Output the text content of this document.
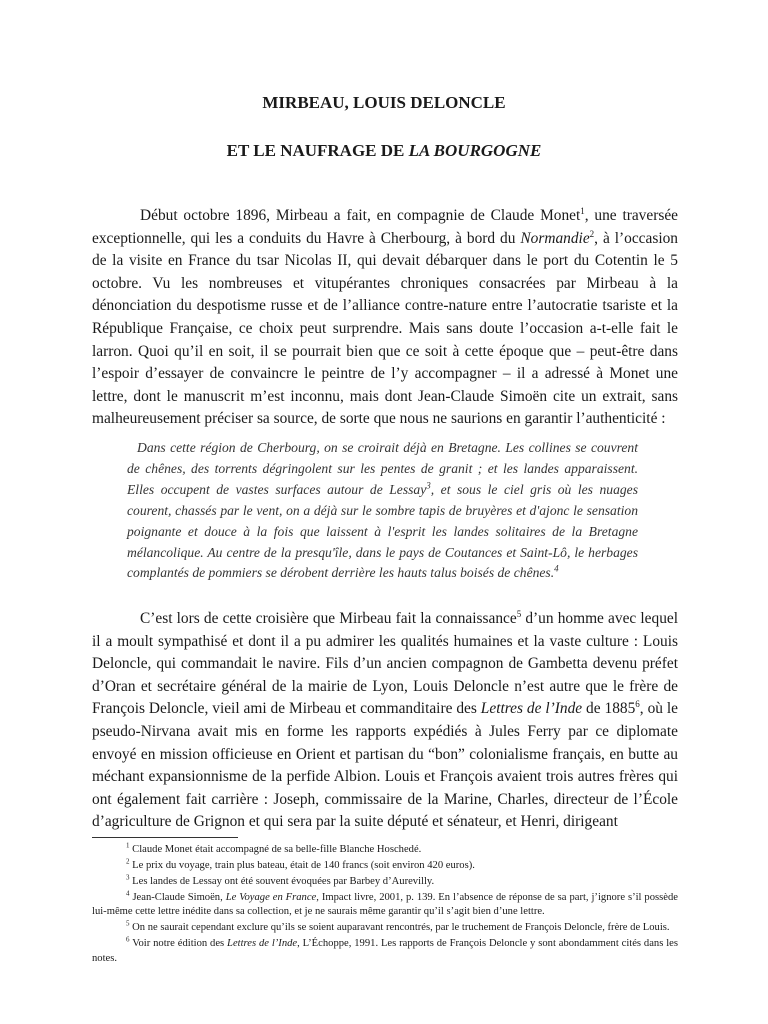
MIRBEAU, LOUIS DELONCLE
ET LE NAUFRAGE DE LA BOURGOGNE

Début octobre 1896, Mirbeau a fait, en compagnie de Claude Monet$^1$, une traversée exceptionnelle, qui les a conduits du Havre à Cherbourg, à bord du Normandie$^2$, à l’occasion de la visite en France du tsar Nicolas II, qui devait débarquer dans le port du Cotentin le 5 octobre. Vu les nombreuses et vitupérantes chroniques consacrées par Mirbeau à la dénonciation du despotisme russe et de l’alliance contre-nature entre l’autocratie tsariste et la République Française, ce choix peut surprendre. Mais sans doute l’occasion a-t-elle fait le larron. Quoi qu’il en soit, il se pourrait bien que ce soit à cette époque que – peut-être dans l’espoir d’essayer de convaincre le peintre de l’y accompagner – il a adressé à Monet une lettre, dont le manuscrit m’est inconnu, mais dont Jean-Claude Simoën cite un extrait, sans malheureusement préciser sa source, de sorte que nous ne saurions en garantir l’authenticité :

Dans cette région de Cherbourg, on se croirait déjà en Bretagne. Les collines se couvrent de chênes, des torrents dégringolent sur les pentes de granit ; et les landes apparaissent. Elles occupent de vastes surfaces autour de Lessay$^3$, et sous le ciel gris où les nuages courent, chassés par le vent, on a déjà sur le sombre tapis de bruyères et d'ajonc le sensation poignante et douce à la fois que laissent à l'esprit les landes solitaires de la Bretagne mélancolique. Au centre de la presqu'île, dans le pays de Coutances et Saint-Lô, le herbages complantés de pommiers se dérobent derrière les hauts talus boisés de chênes.$^4$

C’est lors de cette croisière que Mirbeau fait la connaissance$^5$ d’un homme avec lequel il a moult sympathisé et dont il a pu admirer les qualités humaines et la vaste culture : Louis Deloncle, qui commandait le navire. Fils d’un ancien compagnon de Gambetta devenu préfet d’Oran et secrétaire général de la mairie de Lyon, Louis Deloncle n’est autre que le frère de François Deloncle, vieil ami de Mirbeau et commanditaire des Lettres de l’Inde de 1885$^6$, où le pseudo-Nirvana avait mis en forme les rapports expédiés à Jules Ferry par ce diplomate envoyé en mission officieuse en Orient et partisan du “bon” colonialisme français, en butte au méchant expansionnisme de la perfide Albion. Louis et François avaient trois autres frères qui ont également fait carrière : Joseph, commissaire de la Marine, Charles, directeur de l’École d’agriculture de Grignon et qui sera par la suite député et sénateur, et Henri, dirigeant

$^1$ Claude Monet était accompagné de sa belle-fille Blanche Hoschedé.

$^2$ Le prix du voyage, train plus bateau, était de 140 francs (soit environ 420 euros).

$^3$ Les landes de Lessay ont été souvent évoquées par Barbey d’Aurevilly.

$^4$ Jean-Claude Simoën, Le Voyage en France, Impact livre, 2001, p. 139. En l’absence de réponse de sa part, j’ignore s’il possède lui-même cette lettre inédite dans sa collection, et je ne saurais même garantir qu’il s’agit bien d’une lettre.

$^5$ On ne saurait cependant exclure qu’ils se soient auparavant rencontrés, par le truchement de François Deloncle, frère de Louis.

$^6$ Voir notre édition des Lettres de l’Inde, L’Échoppe, 1991. Les rapports de François Deloncle y sont abondamment cités dans les notes.
